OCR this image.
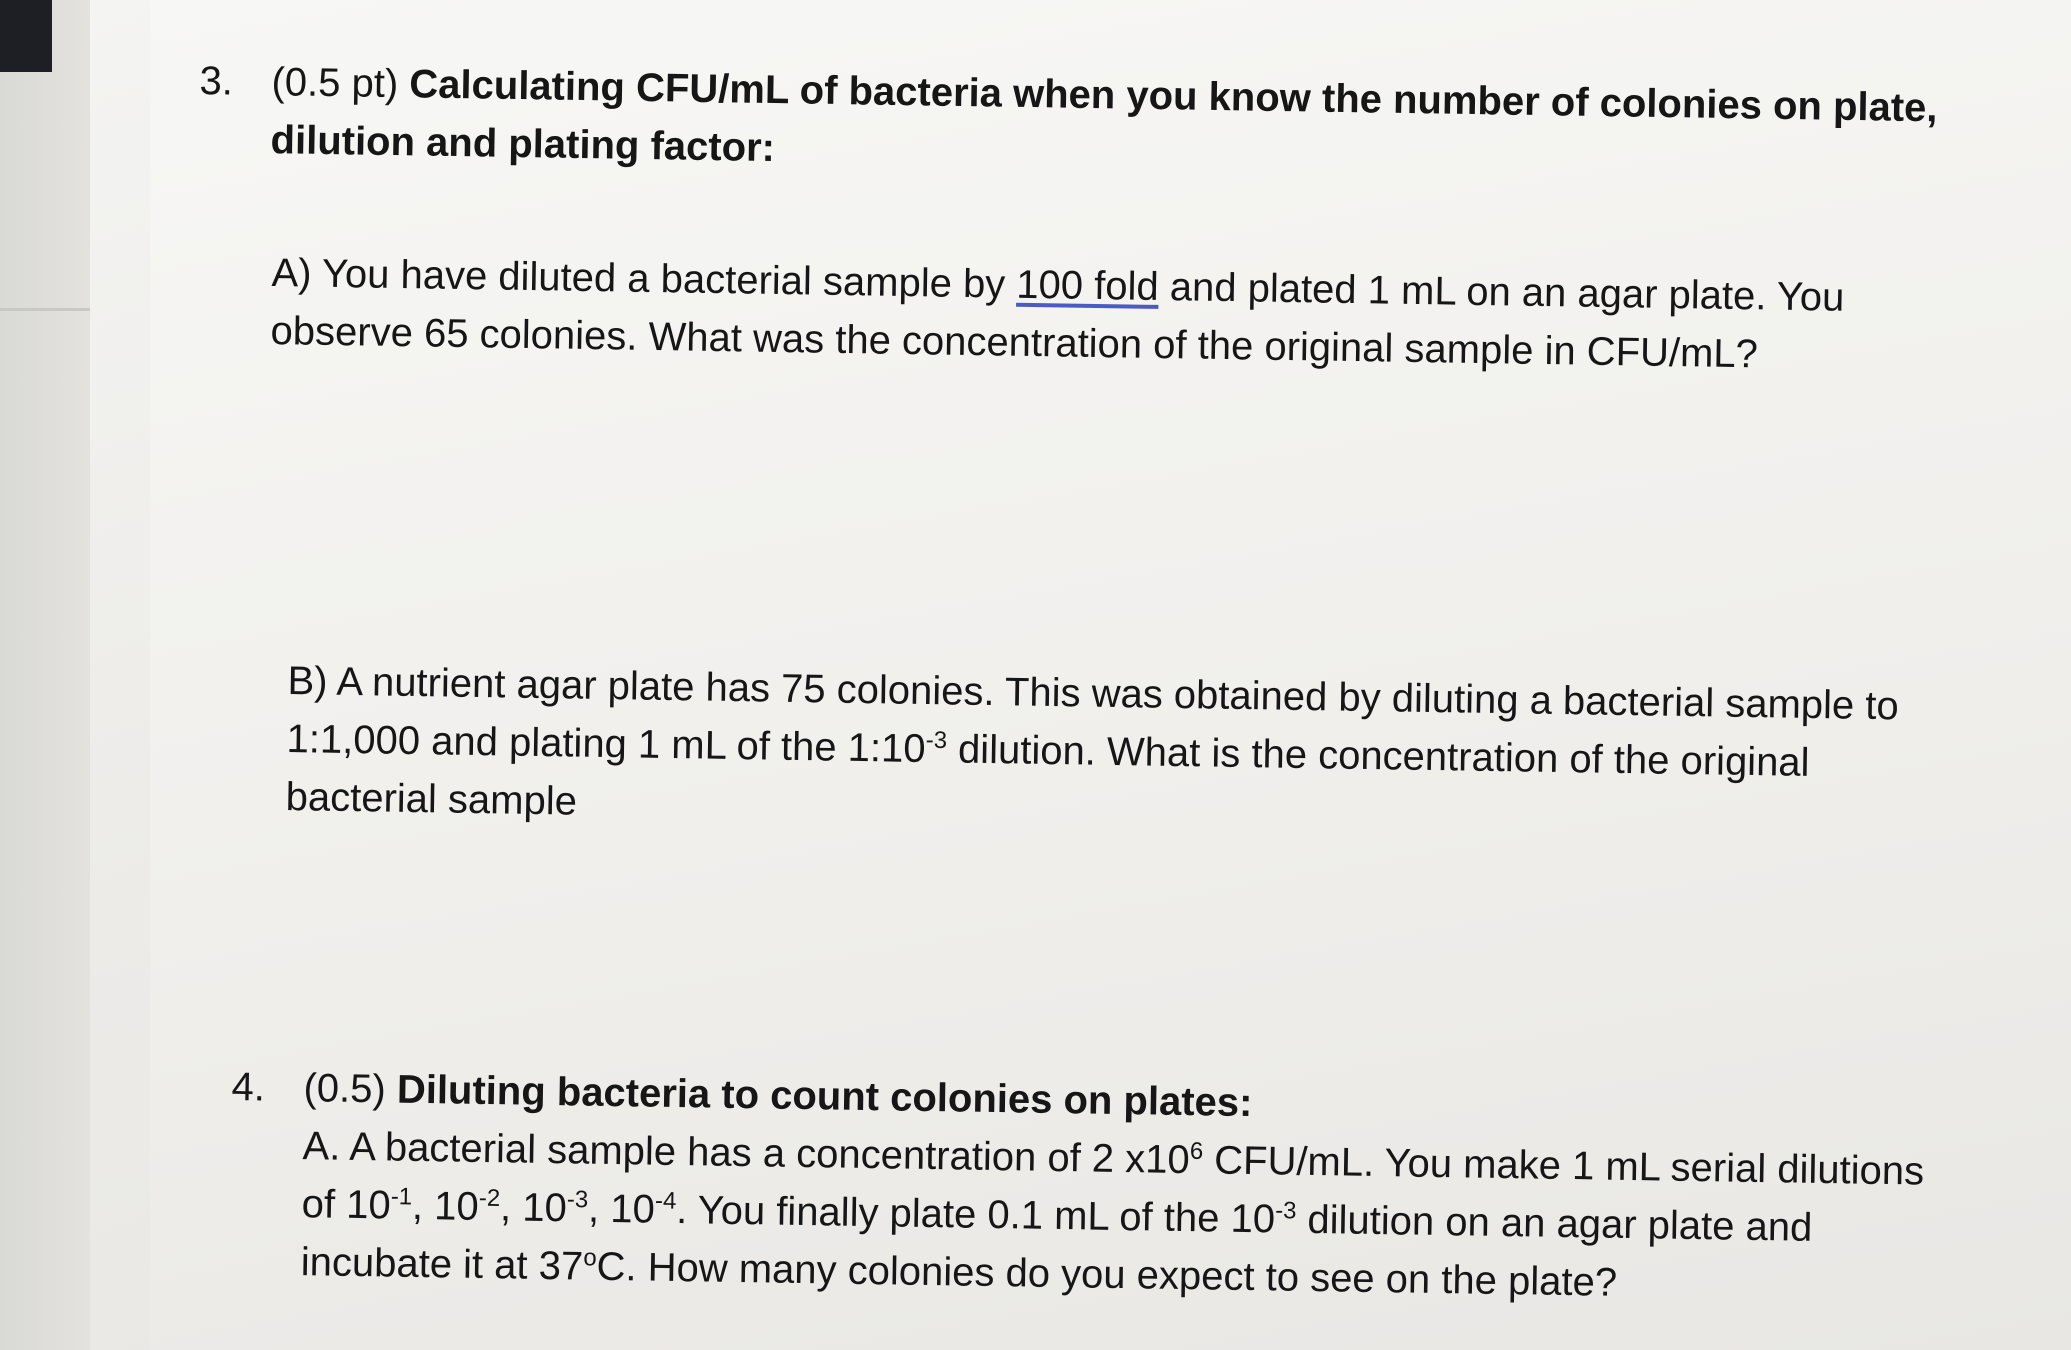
3. (0.5 pt) Calculating CFU/mL of bacteria when you know the number of colonies on plate,
dilution and plating factor:
A) You have diluted a bacterial sample by 100 fold and plated 1 mL on an agar plate. You
observe 65 colonies. What was the concentration of the original sample in CFU/mL?
B) A nutrient agar plate has 75 colonies. This was obtained by diluting a bacterial sample to
1:1,000 and plating 1 mL of the $1:10^{-3}$ dilution. What is the concentration of the original
bacterial sample
4. (0.5) Diluting bacteria to count colonies on plates:
A. A bacterial sample has a concentration of 2 $x10^6$ CFU/mL. You make 1 mL serial dilutions
of $10^{-1}$, $10^{-2}$, $10^{-3}$, $10^{-4}$. You finally plate 0.1 mL of the $10^{-3}$ dilution on an agar plate and
incubate it at 37$^o$C. How many colonies do you expect to see on the plate?
